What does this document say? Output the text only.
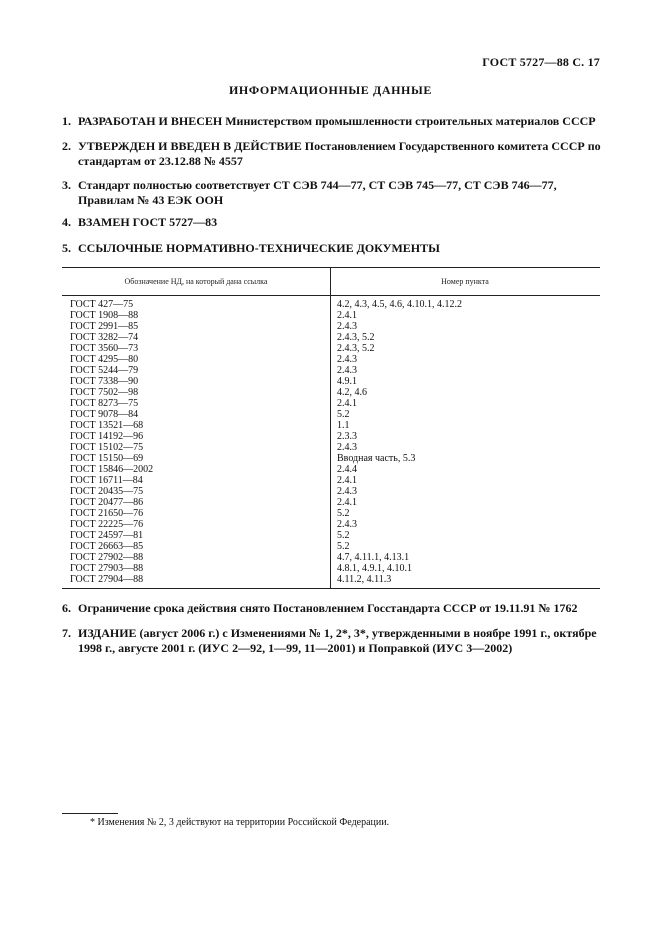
ГОСТ 5727—88 С. 17
ИНФОРМАЦИОННЫЕ ДАННЫЕ
1. РАЗРАБОТАН И ВНЕСЕН Министерством промышленности строительных материалов СССР
2. УТВЕРЖДЕН И ВВЕДЕН В ДЕЙСТВИЕ Постановлением Государственного комитета СССР по стандартам от 23.12.88 № 4557
3. Стандарт полностью соответствует СТ СЭВ 744—77, СТ СЭВ 745—77, СТ СЭВ 746—77, Правилам № 43 ЕЭК ООН
4. ВЗАМЕН ГОСТ 5727—83
5. ССЫЛОЧНЫЕ НОРМАТИВНО-ТЕХНИЧЕСКИЕ ДОКУМЕНТЫ
Обозначение НД, на который дана ссылка	Номер пункта
ГОСТ 427—75	4.2, 4.3, 4.5, 4.6, 4.10.1, 4.12.2
ГОСТ 1908—88	2.4.1
ГОСТ 2991—85	2.4.3
ГОСТ 3282—74	2.4.3, 5.2
ГОСТ 3560—73	2.4.3, 5.2
ГОСТ 4295—80	2.4.3
ГОСТ 5244—79	2.4.3
ГОСТ 7338—90	4.9.1
ГОСТ 7502—98	4.2, 4.6
ГОСТ 8273—75	2.4.1
ГОСТ 9078—84	5.2
ГОСТ 13521—68	1.1
ГОСТ 14192—96	2.3.3
ГОСТ 15102—75	2.4.3
ГОСТ 15150—69	Вводная часть, 5.3
ГОСТ 15846—2002	2.4.4
ГОСТ 16711—84	2.4.1
ГОСТ 20435—75	2.4.3
ГОСТ 20477—86	2.4.1
ГОСТ 21650—76	5.2
ГОСТ 22225—76	2.4.3
ГОСТ 24597—81	5.2
ГОСТ 26663—85	5.2
ГОСТ 27902—88	4.7, 4.11.1, 4.13.1
ГОСТ 27903—88	4.8.1, 4.9.1, 4.10.1
ГОСТ 27904—88	4.11.2, 4.11.3
6. Ограничение срока действия снято Постановлением Госстандарта СССР от 19.11.91 № 1762
7. ИЗДАНИЕ (август 2006 г.) с Изменениями № 1, 2*, 3*, утвержденными в ноябре 1991 г., октябре 1998 г., августе 2001 г. (ИУС 2—92, 1—99, 11—2001) и Поправкой (ИУС 3—2002)
* Изменения № 2, 3 действуют на территории Российской Федерации.
